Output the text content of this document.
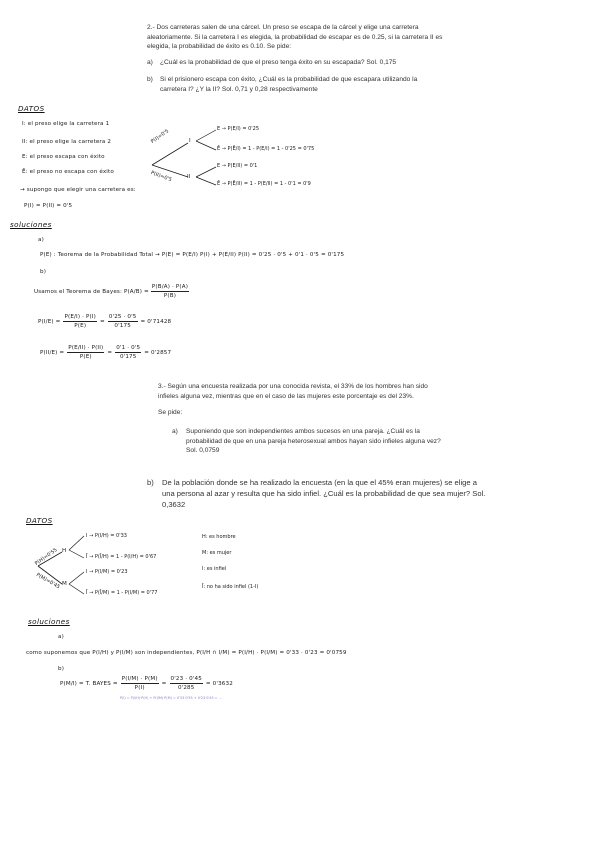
2.- Dos carreteras salen de una cárcel. Un preso se escapa de la cárcel y elige una carretera aleatoriamente. Si la carretera I es elegida, la probabilidad de escapar es de 0.25, si la carretera II es elegida, la probabilidad de éxito es 0.10. Se pide:
a) ¿Cuál es la probabilidad de que el preso tenga éxito en su escapada? Sol. 0,175
b) Si el prisionero escapa con éxito, ¿Cuál es la probabilidad de que escapara utilizando la carretera I? ¿Y la II? Sol. 0,71 y 0,28 respectivamente
DATOS
I: el preso elige la carretera 1
II: el preso elige la carretera 2
E: el preso escapa con éxito
Ē: el preso no escapa con éxito
→ supongo que elegir una carretera es:
P(I) = P(II) = 0'5
P(I)=0'5
P(II)=0'5
I
II
E → P(E/I) = 0'25
Ē → P(Ē/I) = 1 - P(E/I) = 1 - 0'25 = 0'75
E → P(E/II) = 0'1
Ē → P(Ē/II) = 1 - P(E/II) = 1 - 0'1 = 0'9
soluciones
a)
P(E) : Teorema de la Probabilidad Total → P(E) = P(E/I) P(I) + P(E/II) P(II) = 0'25 · 0'5 + 0'1 · 0'5 = 0'175
b)
Usamos el Teorema de Bayes: $P(A/B) = \frac{P(B/A) \cdot P(A)}{P(B)}$
$P(I/E) = \frac{P(E/I) \cdot P(I)}{P(E)} = \frac{0'25 \cdot 0'5}{0'175} = 0'71428$
$P(II/E) = \frac{P(E/II) \cdot P(II)}{P(E)} = \frac{0'1 \cdot 0'5}{0'175} = 0'2857$
3.- Según una encuesta realizada por una conocida revista, el 33% de los hombres han sido infieles alguna vez, mientras que en el caso de las mujeres este porcentaje es del 23%.
Se pide:
a) Suponiendo que son independientes ambos sucesos en una pareja. ¿Cuál es la probabilidad de que en una pareja heterosexual ambos hayan sido infieles alguna vez? Sol. 0,0759
b) De la población donde se ha realizado la encuesta (en la que el 45% eran mujeres) se elige a una persona al azar y resulta que ha sido infiel. ¿Cuál es la probabilidad de que sea mujer? Sol. 0,3632
DATOS
P(H)=0'55
P(M)=0'45
H
M
I → P(I/H) = 0'33
Ī → P(Ī/H) = 1 - P(I/H) = 0'67
I → P(I/M) = 0'23
Ī → P(Ī/M) = 1 - P(I/M) = 0'77
H: es hombre
M: es mujer
I: es infiel
Ī: no ha sido infiel (1-I)
soluciones
a)
como suponemos que P(I/H) y P(I/M) son independientes, P(I/H ∩ I/M) = P(I/H) · P(I/M) = 0'33 · 0'23 = 0'0759
b)
P(M/I) = T. BAYES = $\frac{P(I/M) \cdot P(M)}{P(I)} = \frac{0'23 \cdot 0'45}{0'285} = 0'3632$
P(I) = P(I/H)·P(H) + P(I/M)·P(M) = 0'33·0'55 + 0'23·0'45 = ...
